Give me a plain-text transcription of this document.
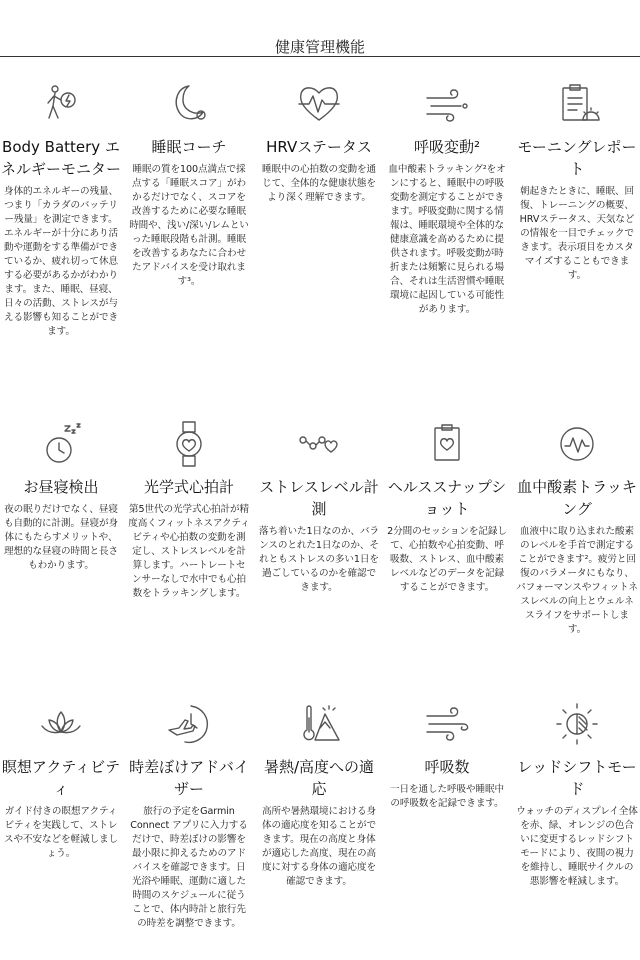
健康管理機能
Body Battery エネルギーモニター
身体的エネルギーの残量、つまり「カラダのバッテリー残量」を測定できます。エネルギーが十分にあり活動や運動をする準備ができているか、疲れ切って休息する必要があるかがわかります。また、睡眠、昼寝、日々の活動、ストレスが与える影響も知ることができます。
睡眠コーチ
睡眠の質を100点満点で採点する「睡眠スコア」がわかるだけでなく、スコアを改善するために必要な睡眠時間や、浅い/深い/レムといった睡眠段階も計測。睡眠を改善するあなたに合わせたアドバイスを受け取れます³。
HRVステータス
睡眠中の心拍数の変動を通じて、全体的な健康状態をより深く理解できます。
呼吸変動²
血中酸素トラッキング²をオンにすると、睡眠中の呼吸変動を測定することができます。呼吸変動に関する情報は、睡眠環境や全体的な健康意識を高めるために提供されます。呼吸変動が時折または頻繁に見られる場合、それは生活習慣や睡眠環境に起因している可能性があります。
モーニングレポート
朝起きたときに、睡眠、回復、トレーニングの概要、HRVステータス、天気などの情報を一目でチェックできます。表示項目をカスタマイズすることもできます。
お昼寝検出
夜の眠りだけでなく、昼寝も自動的に計測。昼寝が身体にもたらすメリットや、理想的な昼寝の時間と長さもわかります。
光学式心拍計
第5世代の光学式心拍計が精度高くフィットネスアクティビティや心拍数の変動を測定し、ストレスレベルを計算します。ハートレートセンサーなしで水中でも心拍数をトラッキングします。
ストレスレベル計測
落ち着いた1日なのか、バランスのとれた1日なのか、それともストレスの多い1日を過ごしているのかを確認できます。
ヘルススナップショット
2分間のセッションを記録して、心拍数や心拍変動、呼吸数、ストレス、血中酸素レベルなどのデータを記録することができます。
血中酸素トラッキング
血液中に取り込まれた酸素のレベルを手首で測定することができます²。疲労と回復のパラメータにもなり、パフォーマンスやフィットネスレベルの向上とウェルネスライフをサポートします。
瞑想アクティビティ
ガイド付きの瞑想アクティビティを実践して、ストレスや不安などを軽減しましょう。
時差ぼけアドバイザー
旅行の予定をGarmin Connect アプリに入力するだけで、時差ぼけの影響を最小限に抑えるためのアドバイスを確認できます。日光浴や睡眠、運動に適した時間のスケジュールに従うことで、体内時計と旅行先の時差を調整できます。
暑熱/高度への適応
高所や暑熱環境における身体の適応度を知ることができます。現在の高度と身体が適応した高度、現在の高度に対する身体の適応度を確認できます。
呼吸数
一日を通した呼吸や睡眠中の呼吸数を記録できます。
レッドシフトモード
ウォッチのディスプレイ全体を赤、緑、オレンジの色合いに変更するレッドシフトモードにより、夜間の視力を維持し、睡眠サイクルの悪影響を軽減します。
